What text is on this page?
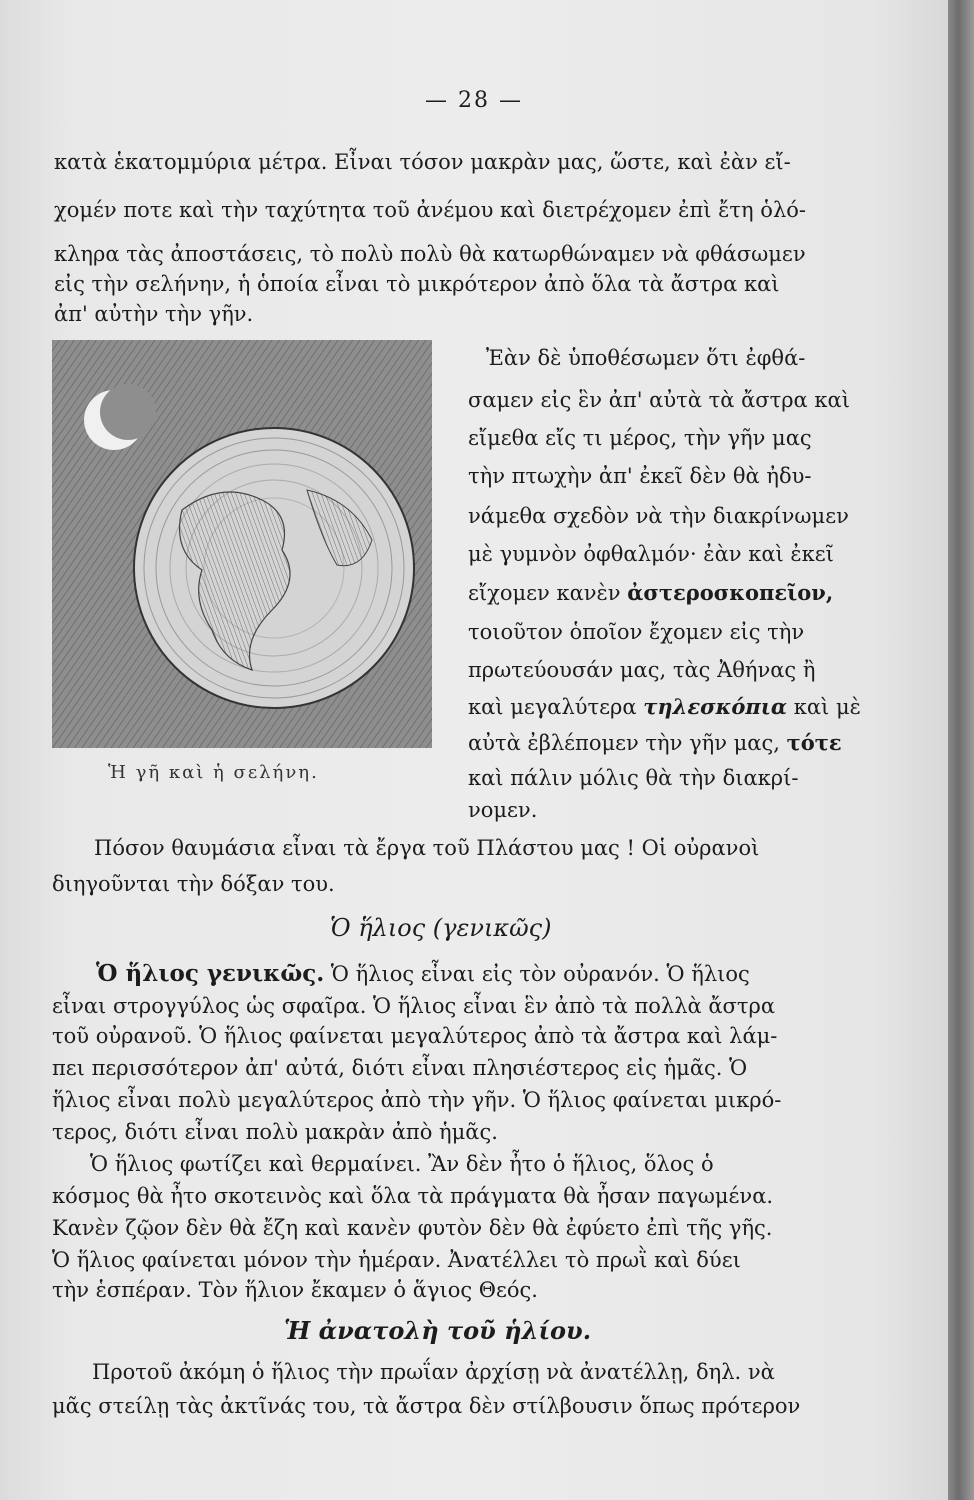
— 28 —
κατὰ ἑκατομμύρια μέτρα. Εἶναι τόσον μακρὰν μας, ὥστε, καὶ ἐὰν εἴ-
χομέν ποτε καὶ τὴν ταχύτητα τοῦ ἀνέμου καὶ διετρέχομεν ἐπὶ ἔτη ὁλό-
κληρα τὰς ἀποστάσεις, τὸ πολὺ πολὺ θὰ κατωρθώναμεν νὰ φθάσωμεν
εἰς τὴν σελήνην, ἡ ὁποία εἶναι τὸ μικρότερον ἀπὸ ὅλα τὰ ἄστρα καὶ
ἀπ' αὐτὴν τὴν γῆν.
Ἡ γῆ καὶ ἡ σελήνη.
Ἐὰν δὲ ὑποθέσωμεν ὅτι ἐφθά-
σαμεν εἰς ἓν ἀπ' αὐτὰ τὰ ἄστρα καὶ
εἴμεθα εἴς τι μέρος, τὴν γῆν μας
τὴν πτωχὴν ἀπ' ἐκεῖ δὲν θὰ ἠδυ-
νάμεθα σχεδὸν νὰ τὴν διακρίνωμεν
μὲ γυμνὸν ὀφθαλμόν· ἐὰν καὶ ἐκεῖ
εἴχομεν κανὲν ἀστεροσκοπεῖον,
τοιοῦτον ὁποῖον ἔχομεν εἰς τὴν
πρωτεύουσάν μας, τὰς Ἀθήνας ἢ
καὶ μεγαλύτερα τηλεσκόπια καὶ μὲ
αὐτὰ ἐβλέπομεν τὴν γῆν μας, τότε
καὶ πάλιν μόλις θὰ τὴν διακρί-
νομεν.
Πόσον θαυμάσια εἶναι τὰ ἔργα τοῦ Πλάστου μας ! Οἱ οὐρανοὶ
διηγοῦνται τὴν δόξαν του.
Ὁ ἥλιος (γενικῶς)
Ὁ ἥλιος γενικῶς. Ὁ ἥλιος εἶναι εἰς τὸν οὐρανόν. Ὁ ἥλιος
εἶναι στρογγύλος ὡς σφαῖρα. Ὁ ἥλιος εἶναι ἓν ἀπὸ τὰ πολλὰ ἄστρα
τοῦ οὐρανοῦ. Ὁ ἥλιος φαίνεται μεγαλύτερος ἀπὸ τὰ ἄστρα καὶ λάμ-
πει περισσότερον ἀπ' αὐτά, διότι εἶναι πλησιέστερος εἰς ἡμᾶς. Ὁ
ἥλιος εἶναι πολὺ μεγαλύτερος ἀπὸ τὴν γῆν. Ὁ ἥλιος φαίνεται μικρό-
τερος, διότι εἶναι πολὺ μακρὰν ἀπὸ ἡμᾶς.
Ὁ ἥλιος φωτίζει καὶ θερμαίνει. Ἂν δὲν ἦτο ὁ ἥλιος, ὅλος ὁ
κόσμος θὰ ἦτο σκοτεινὸς καὶ ὅλα τὰ πράγματα θὰ ἦσαν παγωμένα.
Κανὲν ζῷον δὲν θὰ ἔζη καὶ κανὲν φυτὸν δὲν θὰ ἐφύετο ἐπὶ τῆς γῆς.
Ὁ ἥλιος φαίνεται μόνον τὴν ἡμέραν. Ἀνατέλλει τὸ πρωῒ καὶ δύει
τὴν ἑσπέραν. Τὸν ἥλιον ἔκαμεν ὁ ἅγιος Θεός.
Ἡ ἀνατολὴ τοῦ ἡλίου.
Προτοῦ ἀκόμη ὁ ἥλιος τὴν πρωΐαν ἀρχίσῃ νὰ ἀνατέλλῃ, δηλ. νὰ
μᾶς στείλῃ τὰς ἀκτῖνάς του, τὰ ἄστρα δὲν στίλβουσιν ὅπως πρότερον
